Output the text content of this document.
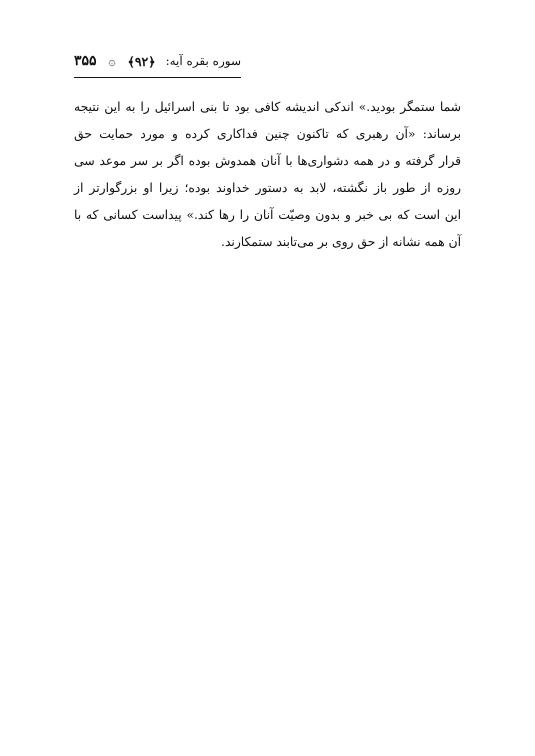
سوره بقره آیه:
﴿۹۲﴾
۞
۳۵۵
شما ستمگر بودید.» اندکی اندیشه کافی بود تا بنی اسرائیل را به این نتیجه
برساند: «آن رهبری که تاکنون چنین فداکاری کرده و مورد حمایت حق
قرار گرفته و در همه دشواری‌ها با آنان همدوش بوده اگر بر سر موعد سی
روزه از طور باز نگشته، لابد به دستور خداوند بوده؛ زیرا او بزرگوارتر از
این است که بی خبر و بدون وصیّت آنان را رها کند.» پیداست کسانی که با
آن همه نشانه از حق روی بر می‌تابند ستمکارند.
